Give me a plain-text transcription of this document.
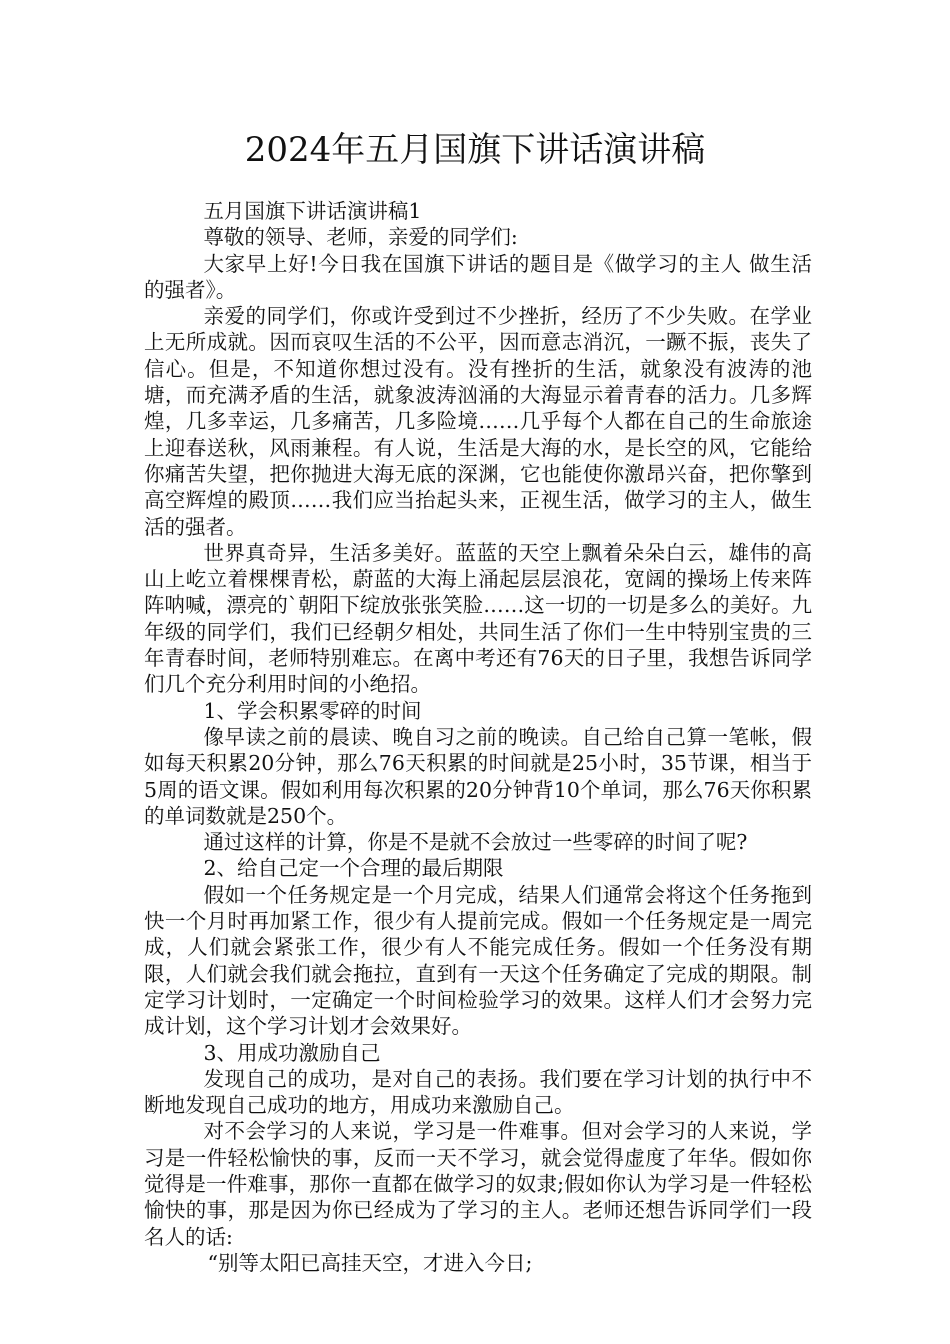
2024年五月国旗下讲话演讲稿

五月国旗下讲话演讲稿1

尊敬的领导、老师，亲爱的同学们:

大家早上好!今日我在国旗下讲话的题目是《做学习的主人 做生活的强者》。

亲爱的同学们，你或许受到过不少挫折，经历了不少失败。在学业上无所成就。因而哀叹生活的不公平，因而意志消沉，一蹶不振，丧失了信心。但是，不知道你想过没有。没有挫折的生活，就象没有波涛的池塘，而充满矛盾的生活，就象波涛汹涌的大海显示着青春的活力。几多辉煌，几多幸运，几多痛苦，几多险境……几乎每个人都在自己的生命旅途上迎春送秋，风雨兼程。有人说，生活是大海的水，是长空的风，它能给你痛苦失望，把你抛进大海无底的深渊，它也能使你激昂兴奋，把你擎到高空辉煌的殿顶……我们应当抬起头来，正视生活，做学习的主人，做生活的强者。

世界真奇异，生活多美好。蓝蓝的天空上飘着朵朵白云，雄伟的高山上屹立着棵棵青松，蔚蓝的大海上涌起层层浪花，宽阔的操场上传来阵阵呐喊，漂亮的`朝阳下绽放张张笑脸……这一切的一切是多么的美好。九年级的同学们，我们已经朝夕相处，共同生活了你们一生中特别宝贵的三年青春时间，老师特别难忘。在离中考还有76天的日子里，我想告诉同学们几个充分利用时间的小绝招。

1、学会积累零碎的时间

像早读之前的晨读、晚自习之前的晚读。自己给自己算一笔帐，假如每天积累20分钟，那么76天积累的时间就是25小时，35节课，相当于5周的语文课。假如利用每次积累的20分钟背10个单词，那么76天你积累的单词数就是250个。

通过这样的计算，你是不是就不会放过一些零碎的时间了呢?

2、给自己定一个合理的最后期限

假如一个任务规定是一个月完成，结果人们通常会将这个任务拖到快一个月时再加紧工作，很少有人提前完成。假如一个任务规定是一周完成，人们就会紧张工作，很少有人不能完成任务。假如一个任务没有期限，人们就会我们就会拖拉，直到有一天这个任务确定了完成的期限。制定学习计划时，一定确定一个时间检验学习的效果。这样人们才会努力完成计划，这个学习计划才会效果好。

3、用成功激励自己

发现自己的成功，是对自己的表扬。我们要在学习计划的执行中不断地发现自己成功的地方，用成功来激励自己。

对不会学习的人来说，学习是一件难事。但对会学习的人来说，学习是一件轻松愉快的事，反而一天不学习，就会觉得虚度了年华。假如你觉得是一件难事，那你一直都在做学习的奴隶;假如你认为学习是一件轻松愉快的事，那是因为你已经成为了学习的主人。老师还想告诉同学们一段名人的话:

“别等太阳已高挂天空，才进入今日;
